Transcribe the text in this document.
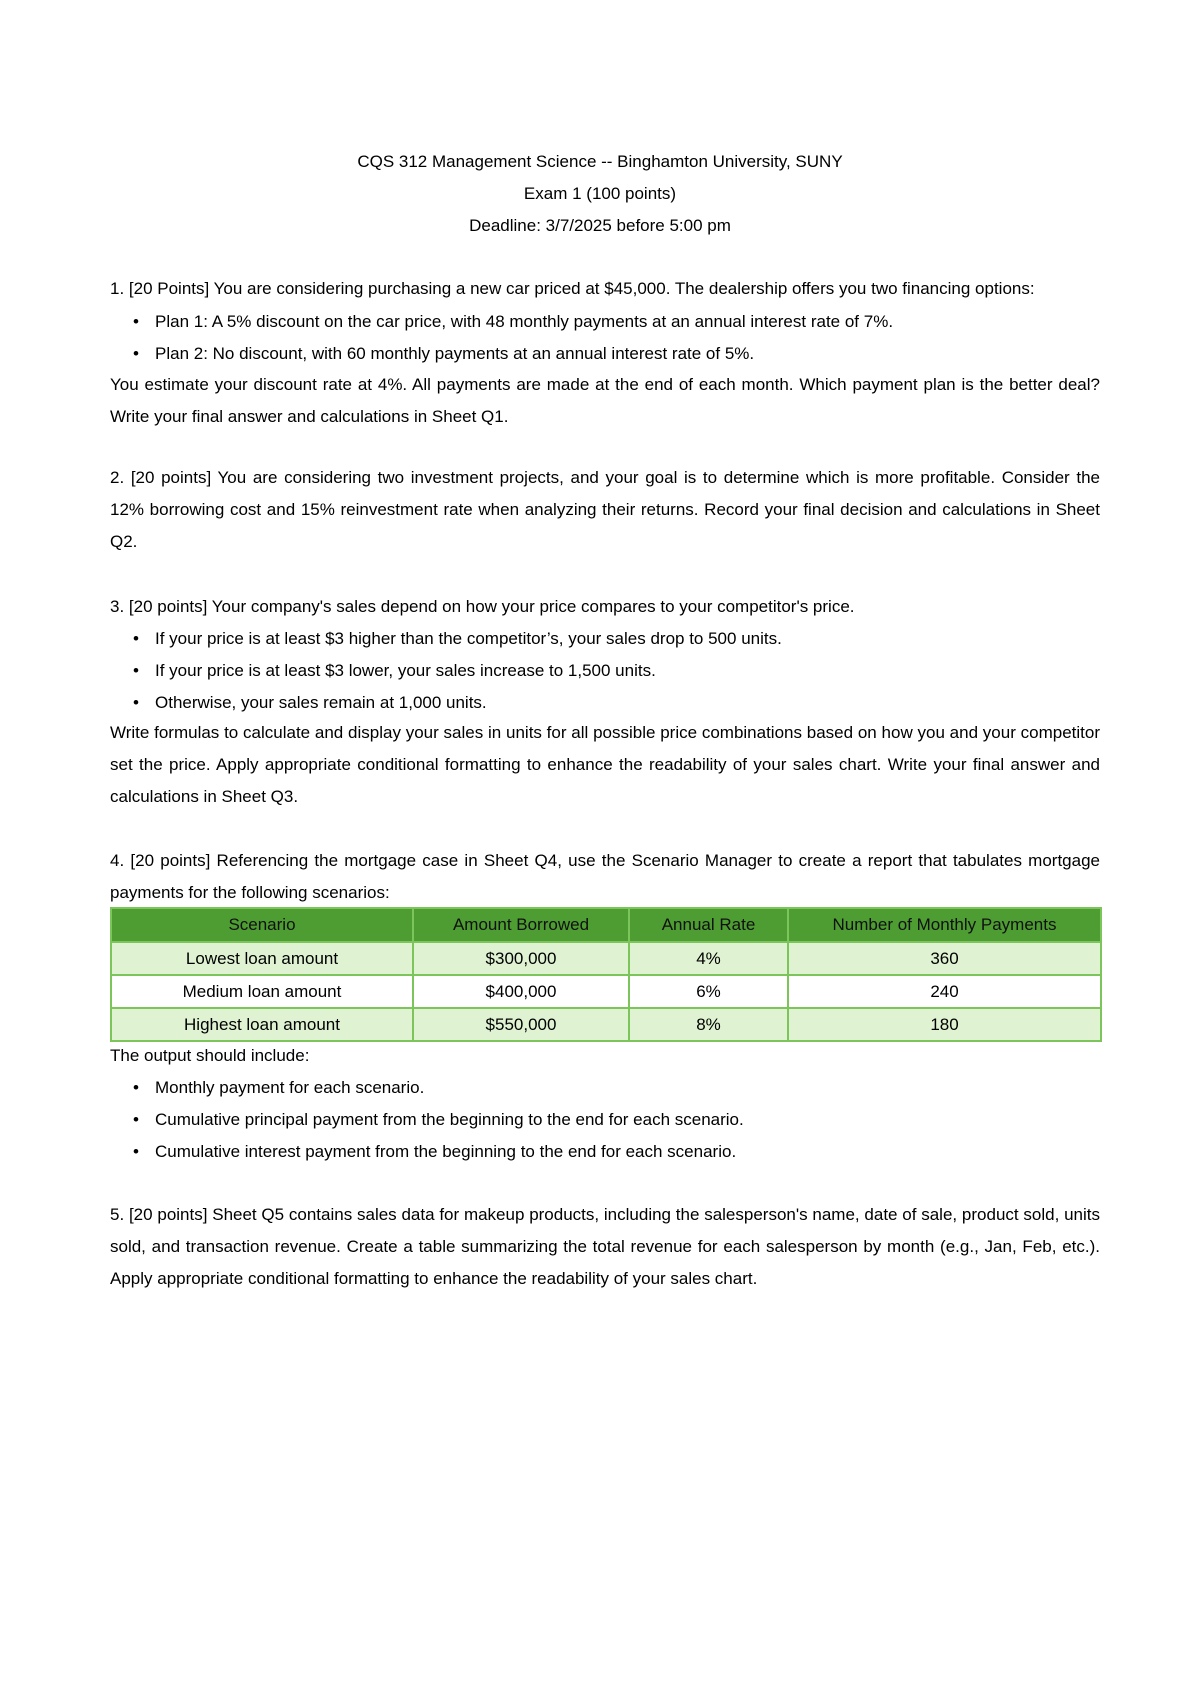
CQS 312 Management Science -- Binghamton University, SUNY
Exam 1 (100 points)
Deadline: 3/7/2025 before 5:00 pm
1. [20 Points] You are considering purchasing a new car priced at $45,000. The dealership offers you two financing options:
• Plan 1: A 5% discount on the car price, with 48 monthly payments at an annual interest rate of 7%.
• Plan 2: No discount, with 60 monthly payments at an annual interest rate of 5%.
You estimate your discount rate at 4%. All payments are made at the end of each month. Which payment plan is the better deal? Write your final answer and calculations in Sheet Q1.
2. [20 points] You are considering two investment projects, and your goal is to determine which is more profitable. Consider the 12% borrowing cost and 15% reinvestment rate when analyzing their returns. Record your final decision and calculations in Sheet Q2.
3. [20 points] Your company's sales depend on how your price compares to your competitor's price.
• If your price is at least $3 higher than the competitor’s, your sales drop to 500 units.
• If your price is at least $3 lower, your sales increase to 1,500 units.
• Otherwise, your sales remain at 1,000 units.
Write formulas to calculate and display your sales in units for all possible price combinations based on how you and your competitor set the price. Apply appropriate conditional formatting to enhance the readability of your sales chart. Write your final answer and calculations in Sheet Q3.
4. [20 points] Referencing the mortgage case in Sheet Q4, use the Scenario Manager to create a report that tabulates mortgage payments for the following scenarios:
Scenario	Amount Borrowed	Annual Rate	Number of Monthly Payments
Lowest loan amount	$300,000	4%	360
Medium loan amount	$400,000	6%	240
Highest loan amount	$550,000	8%	180
The output should include:
• Monthly payment for each scenario.
• Cumulative principal payment from the beginning to the end for each scenario.
• Cumulative interest payment from the beginning to the end for each scenario.
5. [20 points] Sheet Q5 contains sales data for makeup products, including the salesperson's name, date of sale, product sold, units sold, and transaction revenue. Create a table summarizing the total revenue for each salesperson by month (e.g., Jan, Feb, etc.). Apply appropriate conditional formatting to enhance the readability of your sales chart.
